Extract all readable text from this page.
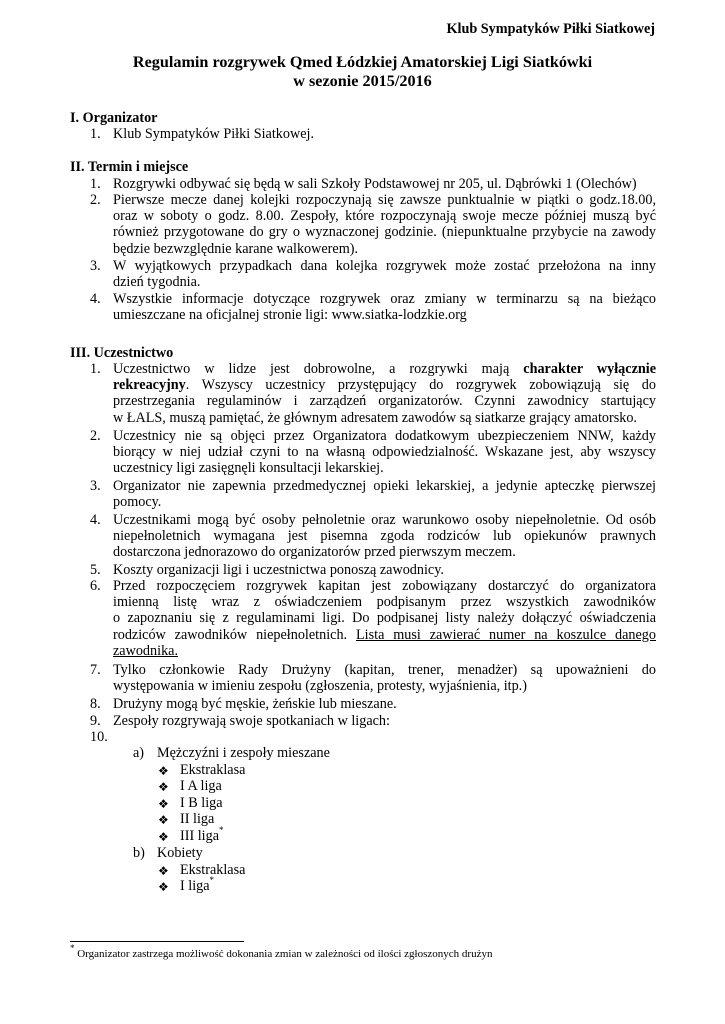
Klub Sympatyków Piłki Siatkowej
Regulamin rozgrywek Qmed Łódzkiej Amatorskiej Ligi Siatkówki
w sezonie 2015/2016
I. Organizator
1. Klub Sympatyków Piłki Siatkowej.
II. Termin i miejsce
1. Rozgrywki odbywać się będą w sali Szkoły Podstawowej nr 205, ul. Dąbrówki 1 (Olechów)
2. Pierwsze mecze danej kolejki rozpoczynają się zawsze punktualnie w piątki o godz.18.00,
oraz w soboty o godz. 8.00. Zespoły, które rozpoczynają swoje mecze później muszą być
również przygotowane do gry o wyznaczonej godzinie. (niepunktualne przybycie na zawody
będzie bezwzględnie karane walkowerem).
3. W wyjątkowych przypadkach dana kolejka rozgrywek może zostać przełożona na inny
dzień tygodnia.
4. Wszystkie informacje dotyczące rozgrywek oraz zmiany w terminarzu są na bieżąco
umieszczane na oficjalnej stronie ligi: www.siatka-lodzkie.org
III. Uczestnictwo
1. Uczestnictwo w lidze jest dobrowolne, a rozgrywki mają charakter wyłącznie
rekreacyjny. Wszyscy uczestnicy przystępujący do rozgrywek zobowiązują się do
przestrzegania regulaminów i zarządzeń organizatorów. Czynni zawodnicy startujący
w ŁALS, muszą pamiętać, że głównym adresatem zawodów są siatkarze grający amatorsko.
2. Uczestnicy nie są objęci przez Organizatora dodatkowym ubezpieczeniem NNW, każdy
biorący w niej udział czyni to na własną odpowiedzialność. Wskazane jest, aby wszyscy
uczestnicy ligi zasięgnęli konsultacji lekarskiej.
3. Organizator nie zapewnia przedmedycznej opieki lekarskiej, a jedynie apteczkę pierwszej
pomocy.
4. Uczestnikami mogą być osoby pełnoletnie oraz warunkowo osoby niepełnoletnie. Od osób
niepełnoletnich wymagana jest pisemna zgoda rodziców lub opiekunów prawnych
dostarczona jednorazowo do organizatorów przed pierwszym meczem.
5. Koszty organizacji ligi i uczestnictwa ponoszą zawodnicy.
6. Przed rozpoczęciem rozgrywek kapitan jest zobowiązany dostarczyć do organizatora
imienną listę wraz z oświadczeniem podpisanym przez wszystkich zawodników
o zapoznaniu się z regulaminami ligi. Do podpisanej listy należy dołączyć oświadczenia
rodziców zawodników niepełnoletnich. Lista musi zawierać numer na koszulce danego
zawodnika.
7. Tylko członkowie Rady Drużyny (kapitan, trener, menadżer) są upoważnieni do
występowania w imieniu zespołu (zgłoszenia, protesty, wyjaśnienia, itp.)
8. Drużyny mogą być męskie, żeńskie lub mieszane.
9. Zespoły rozgrywają swoje spotkaniach w ligach:
10.
a) Mężczyźni i zespoły mieszane
❖ Ekstraklasa
❖ I A liga
❖ I B liga
❖ II liga
❖ III liga*
b) Kobiety
❖ Ekstraklasa
❖ I liga*
* Organizator zastrzega możliwość dokonania zmian w zależności od ilości zgłoszonych drużyn
